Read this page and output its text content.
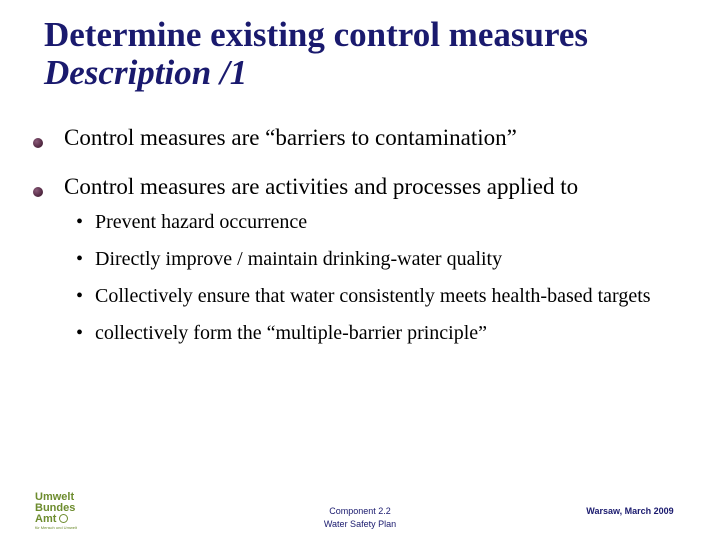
Determine existing control measures
Description /1
Control measures are “barriers to contamination”
Control measures are activities and processes applied to
• Prevent hazard occurrence
• Directly improve / maintain drinking-water quality
• Collectively ensure that water consistently meets health-based targets
• collectively form the “multiple-barrier principle”
Umwelt
Bundes
Amt
für Mensch und Umwelt
Component 2.2
Water Safety Plan
Warsaw, March 2009
